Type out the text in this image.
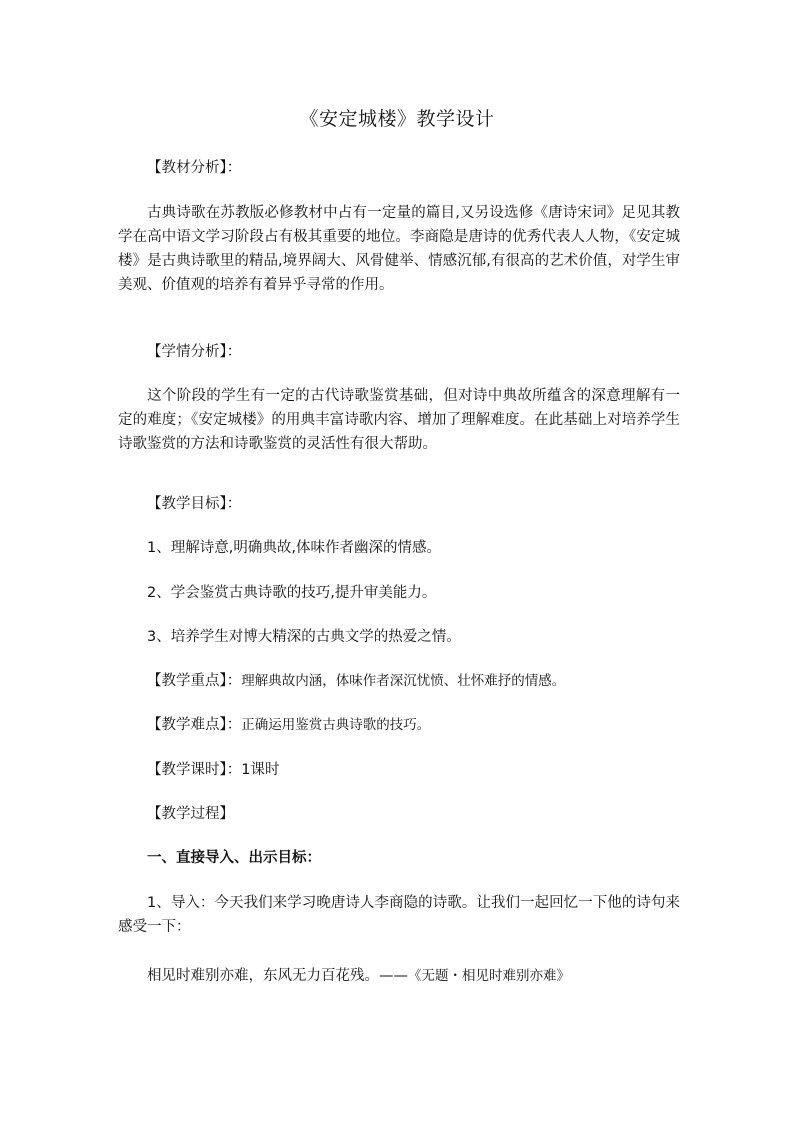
《安定城楼》教学设计
【教材分析】：
古典诗歌在苏教版必修教材中占有一定量的篇目,又另设选修《唐诗宋词》足见其教学在高中语文学习阶段占有极其重要的地位。李商隐是唐诗的优秀代表人人物，《安定城楼》是古典诗歌里的精品,境界阔大、风骨健举、情感沉郁,有很高的艺术价值，对学生审美观、价值观的培养有着异乎寻常的作用。
【学情分析】：
这个阶段的学生有一定的古代诗歌鉴赏基础，但对诗中典故所蕴含的深意理解有一定的难度；《安定城楼》的用典丰富诗歌内容、增加了理解难度。在此基础上对培养学生诗歌鉴赏的方法和诗歌鉴赏的灵活性有很大帮助。
【教学目标】：
1、理解诗意,明确典故,体味作者幽深的情感。
2、学会鉴赏古典诗歌的技巧,提升审美能力。
3、培养学生对博大精深的古典文学的热爱之情。
【教学重点】：理解典故内涵，体味作者深沉忧愤、壮怀难抒的情感。
【教学难点】：正确运用鉴赏古典诗歌的技巧。
【教学课时】：1课时
【教学过程】
一、直接导入、出示目标：
1、导入：今天我们来学习晚唐诗人李商隐的诗歌。让我们一起回忆一下他的诗句来感受一下：
相见时难别亦难，东风无力百花残。——《无题・相见时难别亦难》
